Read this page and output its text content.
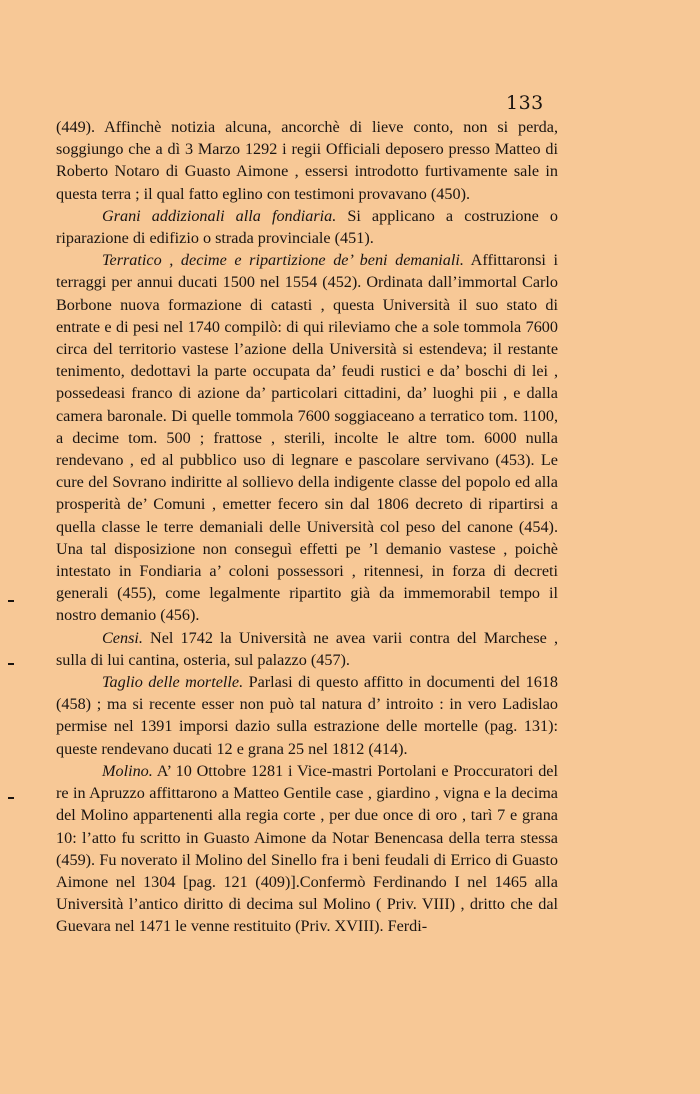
133

(449). Affinchè notizia alcuna, ancorchè di lieve conto, non si perda, soggiungo che a dì 3 Marzo 1292 i regii Officiali deposero presso Matteo di Roberto Notaro di Guasto Aimone , essersi introdotto furtivamente sale in questa terra ; il qual fatto eglino con testimoni provavano (450).

Grani addizionali alla fondiaria. Si applicano a costruzione o riparazione di edifizio o strada provinciale (451).

Terratico , decime e ripartizione de’ beni demaniali. Affittaronsi i terraggi per annui ducati 1500 nel 1554 (452). Ordinata dall’immortal Carlo Borbone nuova formazione di catasti , questa Università il suo stato di entrate e di pesi nel 1740 compilò: di qui rileviamo che a sole tommola 7600 circa del territorio vastese l’azione della Università si estendeva; il restante tenimento, dedottavi la parte occupata da’ feudi rustici e da’ boschi di lei , possedeasi franco di azione da’ particolari cittadini, da’ luoghi pii , e dalla camera baronale. Di quelle tommola 7600 soggiaceano a terratico tom. 1100, a decime tom. 500 ; frattose , sterili, incolte le altre tom. 6000 nulla rendevano , ed al pubblico uso di legnare e pascolare servivano (453). Le cure del Sovrano indiritte al sollievo della indigente classe del popolo ed alla prosperità de’ Comuni , emetter fecero sin dal 1806 decreto di ripartirsi a quella classe le terre demaniali delle Università col peso del canone (454). Una tal disposizione non conseguì effetti pe ’l demanio vastese , poichè intestato in Fondiaria a’ coloni possessori , ritennesi, in forza di decreti generali (455), come legalmente ripartito già da immemorabil tempo il nostro demanio (456).

Censi. Nel 1742 la Università ne avea varii contra del Marchese , sulla di lui cantina, osteria, sul palazzo (457).

Taglio delle mortelle. Parlasi di questo affitto in documenti del 1618 (458) ; ma si recente esser non può tal natura d’ introito : in vero Ladislao permise nel 1391 imporsi dazio sulla estrazione delle mortelle (pag. 131): queste rendevano ducati 12 e grana 25 nel 1812 (414).

Molino. A’ 10 Ottobre 1281 i Vice-mastri Portolani e Proccuratori del re in Apruzzo affittarono a Matteo Gentile case , giardino , vigna e la decima del Molino appartenenti alla regia corte , per due once di oro , tarì 7 e grana 10: l’atto fu scritto in Guasto Aimone da Notar Benencasa della terra stessa (459). Fu noverato il Molino del Sinello fra i beni feudali di Errico di Guasto Aimone nel 1304 [pag. 121 (409)].Confermò Ferdinando I nel 1465 alla Università l’antico diritto di decima sul Molino ( Priv. VIII) , dritto che dal Guevara nel 1471 le venne restituito (Priv. XVIII). Ferdi-
